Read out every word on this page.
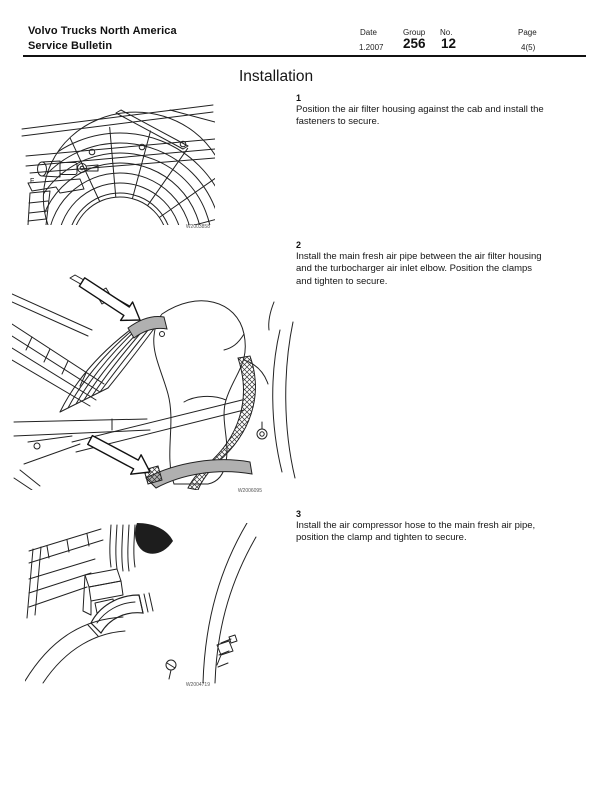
Volvo Trucks North America
Service Bulletin
Date
1.2007
Group
256
No.
12
Page
4(5)
Installation
1
Position the air filter housing against the cab and install the fasteners to secure.
F
W2003858
2
Install the main fresh air pipe between the air filter housing and the turbocharger air inlet elbow. Position the clamps and tighten to secure.
W2006095
3
Install the air compressor hose to the main fresh air pipe, position the clamp and tighten to secure.
W2004719
